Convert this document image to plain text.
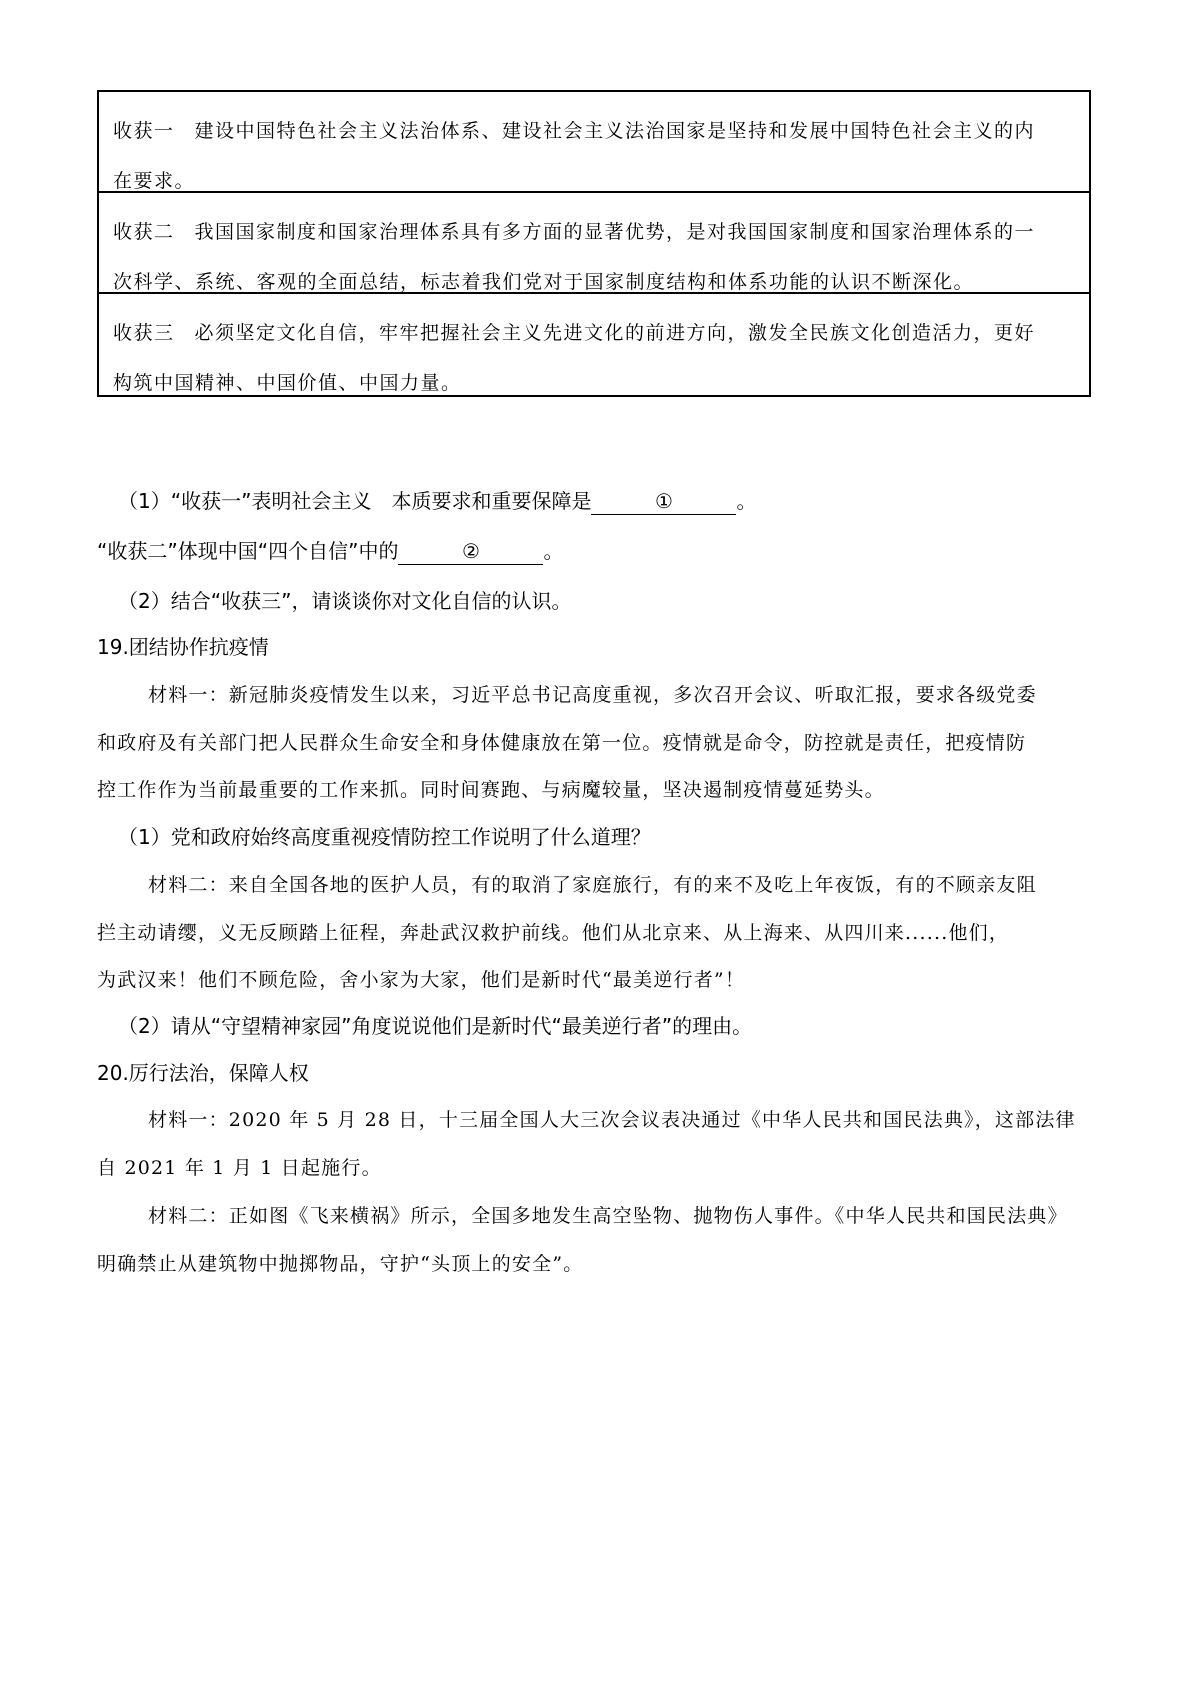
收获一 建设中国特色社会主义法治体系、建设社会主义法治国家是坚持和发展中国特色社会主义的内
在要求。
收获二 我国国家制度和国家治理体系具有多方面的显著优势，是对我国国家制度和国家治理体系的一
次科学、系统、客观的全面总结，标志着我们党对于国家制度结构和体系功能的认识不断深化。
收获三 必须坚定文化自信，牢牢把握社会主义先进文化的前进方向，激发全民族文化创造活力，更好
构筑中国精神、中国价值、中国力量。
（1）“收获一”表明社会主义　本质要求和重要保障是	①	。
“收获二”体现中国“四个自信”中的	②	。
（2）结合“收获三”，请谈谈你对文化自信的认识。
19.团结协作抗疫情
材料一：新冠肺炎疫情发生以来，习近平总书记高度重视，多次召开会议、听取汇报，要求各级党委
和政府及有关部门把人民群众生命安全和身体健康放在第一位。疫情就是命令，防控就是责任，把疫情防
控工作作为当前最重要的工作来抓。同时间赛跑、与病魔较量，坚决遏制疫情蔓延势头。
（1）党和政府始终高度重视疫情防控工作说明了什么道理？
材料二：来自全国各地的医护人员，有的取消了家庭旅行，有的来不及吃上年夜饭，有的不顾亲友阻
拦主动请缨，义无反顾踏上征程，奔赴武汉救护前线。他们从北京来、从上海来、从四川来......他们，
为武汉来！他们不顾危险，舍小家为大家，他们是新时代“最美逆行者”！
（2）请从“守望精神家园”角度说说他们是新时代“最美逆行者”的理由。
20.厉行法治，保障人权
材料一：2020 年 5 月 28 日，十三届全国人大三次会议表决通过《中华人民共和国民法典》，这部法律
自 2021 年 1 月 1 日起施行。
材料二：正如图《飞来横祸》所示，全国多地发生高空坠物、抛物伤人事件。《中华人民共和国民法典》
明确禁止从建筑物中抛掷物品，守护“头顶上的安全”。
